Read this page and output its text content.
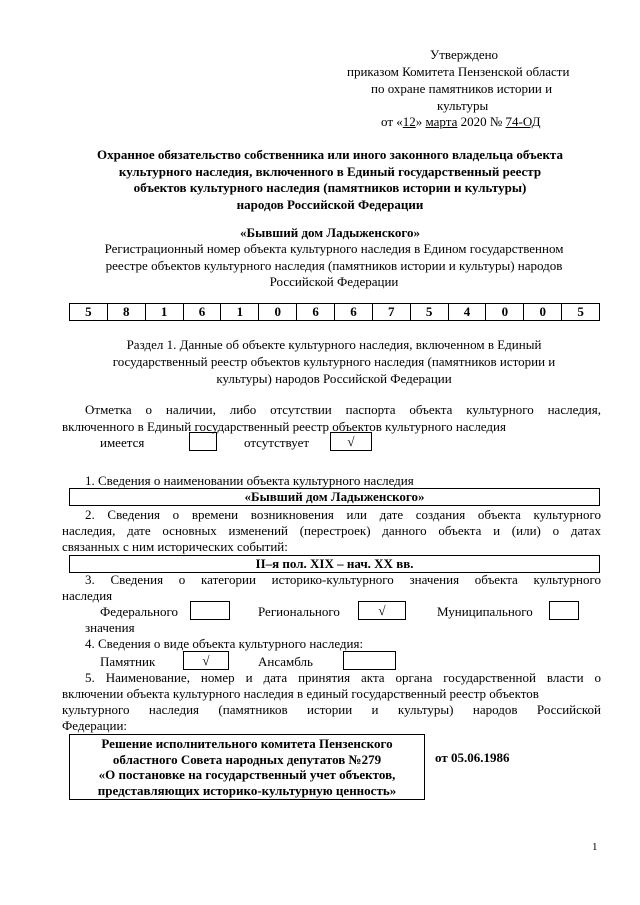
Утверждено
приказом Комитета Пензенской области
по охране памятников истории и
культуры
от «12» марта 2020 № 74-ОД
Охранное обязательство собственника или иного законного владельца объекта
культурного наследия, включенного в Единый государственный реестр
объектов культурного наследия (памятников истории и культуры)
народов Российской Федерации
«Бывший дом Ладыженского»
Регистрационный номер объекта культурного наследия в Едином государственном
реестре объектов культурного наследия (памятников истории и культуры) народов
Российской Федерации
5	8	1	6	1	0	6	6	7	5	4	0	0	5
Раздел 1. Данные об объекте культурного наследия, включенном в Единый
государственный реестр объектов культурного наследия (памятников истории и
культуры) народов Российской Федерации
Отметка о наличии, либо отсутствии паспорта объекта культурного наследия,
включенного в Единый государственный реестр объектов культурного наследия
имеется	отсутствует	√
1. Сведения о наименовании объекта культурного наследия
«Бывший дом Ладыженского»
2. Сведения о времени возникновения или дате создания объекта культурного
наследия, дате основных изменений (перестроек) данного объекта и (или) о датах
связанных с ним исторических событий:
II–я пол. XIX – нач. XX вв.
3. Сведения о категории историко-культурного значения объекта культурного
наследия
Федерального	Регионального	√	Муниципального
значения
4. Сведения о виде объекта культурного наследия:
Памятник	√	Ансамбль
5. Наименование, номер и дата принятия акта органа государственной власти о
включении объекта культурного наследия в единый государственный реестр объектов
культурного наследия (памятников истории и культуры) народов Российской
Федерации:
Решение исполнительного комитета Пензенского
областного Совета народных депутатов №279
«О постановке на государственный учет объектов,
представляющих историко-культурную ценность»
от 05.06.1986
1
